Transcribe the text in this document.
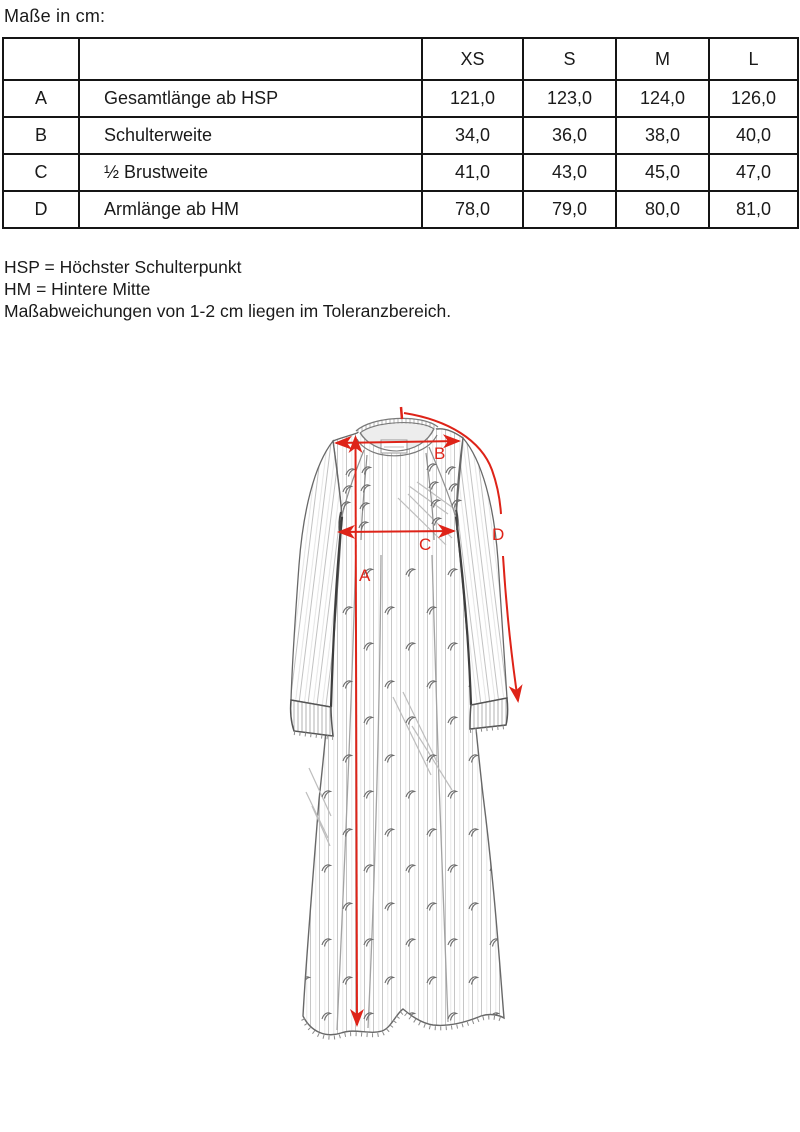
Maße in cm:
		XS	S	M	L
A	Gesamtlänge ab HSP	121,0	123,0	124,0	126,0
B	Schulterweite	34,0	36,0	38,0	40,0
C	½ Brustweite	41,0	43,0	45,0	47,0
D	Armlänge ab HM	78,0	79,0	80,0	81,0
HSP = Höchster Schulterpunkt
HM = Hintere Mitte
Maßabweichungen von 1-2 cm liegen im Toleranzbereich.
A
B
C
D
